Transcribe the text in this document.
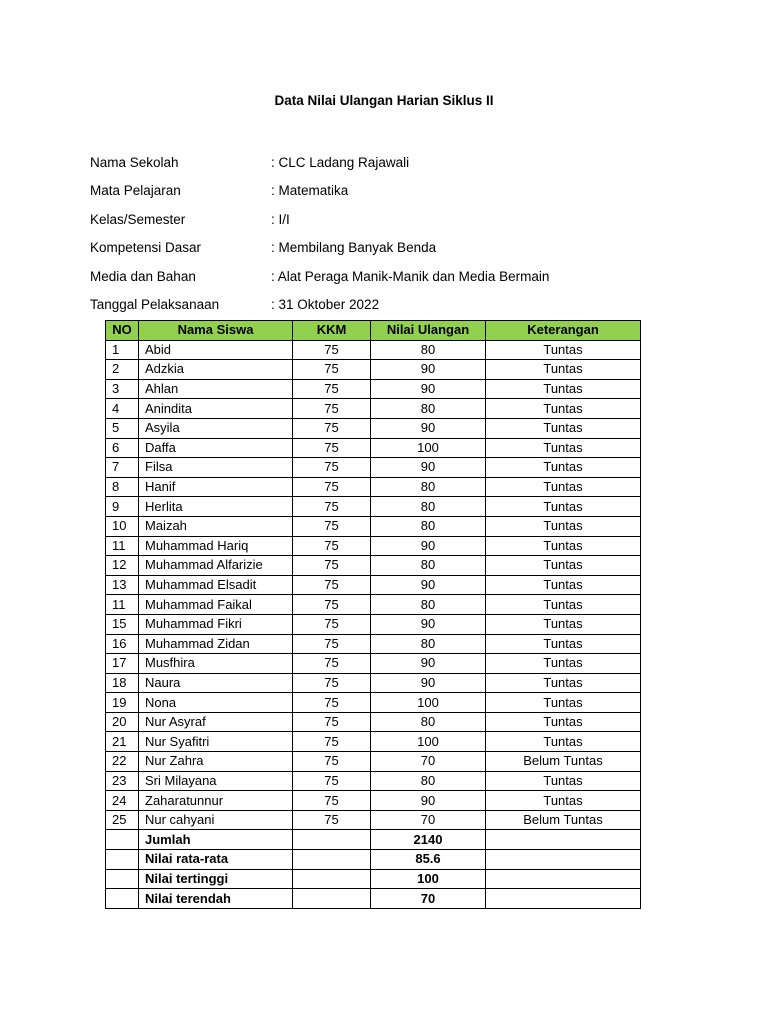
Data Nilai Ulangan Harian Siklus II
Nama Sekolah	: CLC Ladang Rajawali
Mata Pelajaran	: Matematika
Kelas/Semester	: I/I
Kompetensi Dasar	: Membilang Banyak Benda
Media dan Bahan	: Alat Peraga Manik-Manik dan Media Bermain
Tanggal Pelaksanaan	: 31 Oktober 2022
NO	Nama Siswa	KKM	Nilai Ulangan	Keterangan
1	Abid	75	80	Tuntas
2	Adzkia	75	90	Tuntas
3	Ahlan	75	90	Tuntas
4	Anindita	75	80	Tuntas
5	Asyila	75	90	Tuntas
6	Daffa	75	100	Tuntas
7	Filsa	75	90	Tuntas
8	Hanif	75	80	Tuntas
9	Herlita	75	80	Tuntas
10	Maizah	75	80	Tuntas
11	Muhammad Hariq	75	90	Tuntas
12	Muhammad Alfarizie	75	80	Tuntas
13	Muhammad Elsadit	75	90	Tuntas
11	Muhammad Faikal	75	80	Tuntas
15	Muhammad Fikri	75	90	Tuntas
16	Muhammad Zidan	75	80	Tuntas
17	Musfhira	75	90	Tuntas
18	Naura	75	90	Tuntas
19	Nona	75	100	Tuntas
20	Nur Asyraf	75	80	Tuntas
21	Nur Syafitri	75	100	Tuntas
22	Nur Zahra	75	70	Belum Tuntas
23	Sri Milayana	75	80	Tuntas
24	Zaharatunnur	75	90	Tuntas
25	Nur cahyani	75	70	Belum Tuntas
	Jumlah		2140	
	Nilai rata-rata		85.6	
	Nilai tertinggi		100	
	Nilai terendah		70	
